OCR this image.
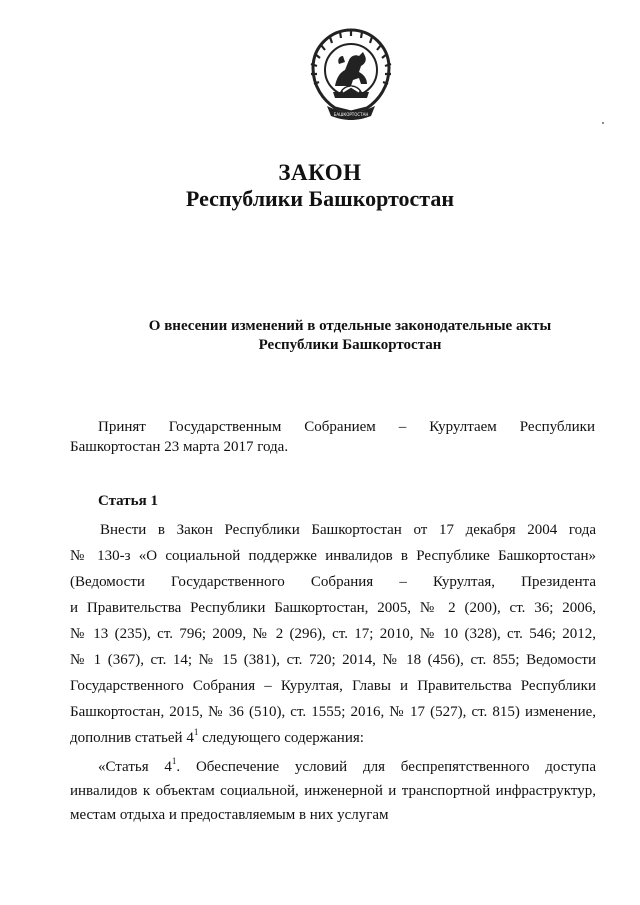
БАШКОРТОСТАН
ЗАКОН
Республики Башкортостан
О внесении изменений в отдельные законодательные акты
Республики Башкортостан
Принят Государственным Собранием – Курултаем Республики
Башкортостан 23 марта 2017 года.
Статья 1
Внести в Закон Республики Башкортостан от 17 декабря 2004 года
№ 130-з «О социальной поддержке инвалидов в Республике Башкортостан»
(Ведомости Государственного Собрания – Курултая, Президента
и Правительства Республики Башкортостан, 2005, № 2 (200), ст. 36; 2006,
№ 13 (235), ст. 796; 2009, № 2 (296), ст. 17; 2010, № 10 (328), ст. 546; 2012,
№ 1 (367), ст. 14; № 15 (381), ст. 720; 2014, № 18 (456), ст. 855; Ведомости
Государственного Собрания – Курултая, Главы и Правительства Республики
Башкортостан, 2015, № 36 (510), ст. 1555; 2016, № 17 (527), ст. 815) изменение,
дополнив статьей $4^1$ следующего содержания:
«Статья $4^1$. Обеспечение условий для беспрепятственного доступа
инвалидов к объектам социальной, инженерной и транспортной инфраструктур,
местам отдыха и предоставляемым в них услугам
